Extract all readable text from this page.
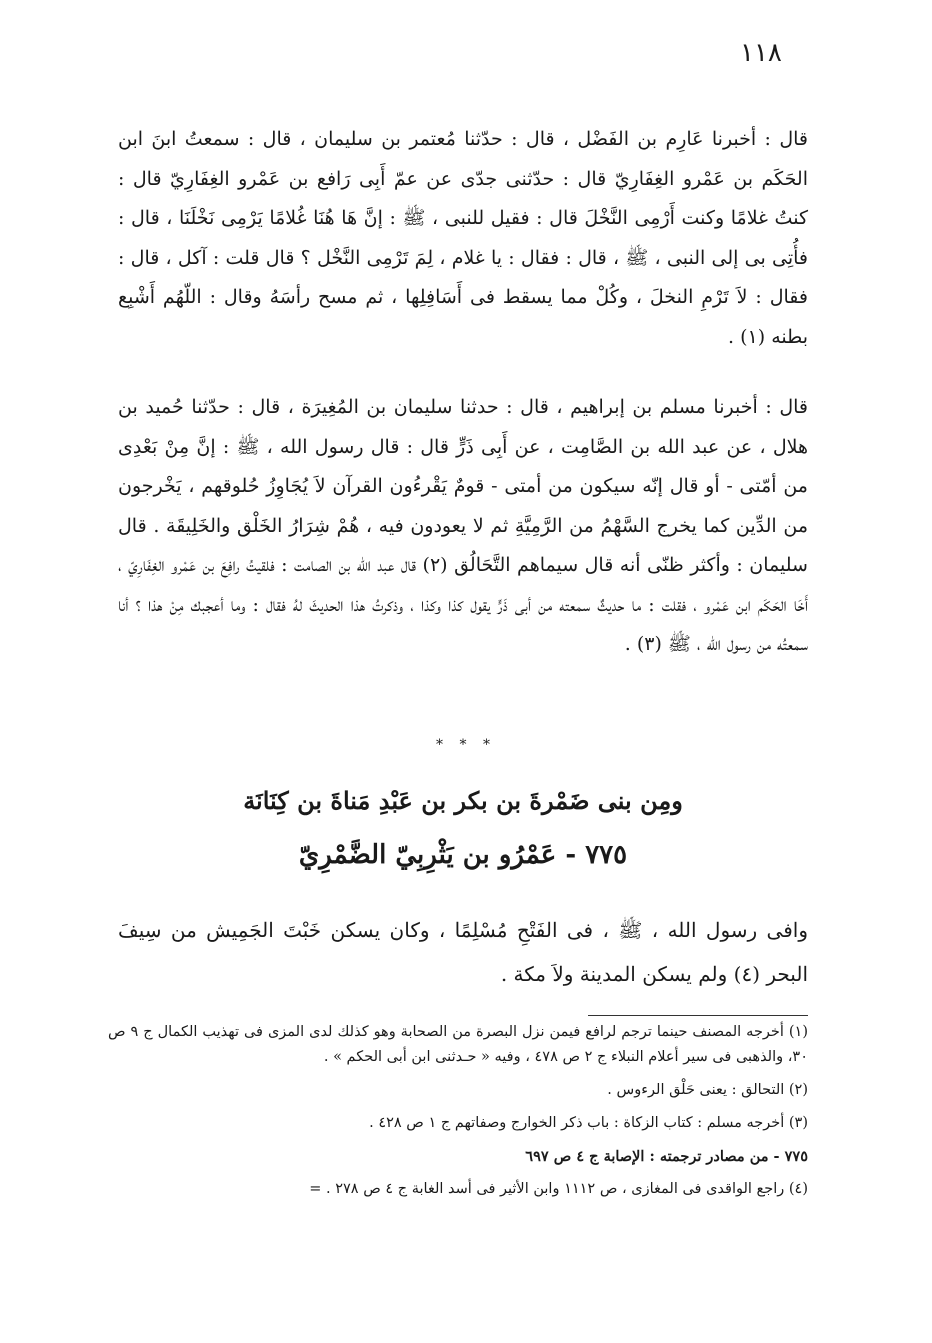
١١٨
قال : أخبرنا عَارِم بن الفَضْل ، قال : حدّثنا مُعتمر بن سليمان ، قال : سمعتُ ابنَ ابن الحَكَم بن عَمْرو الغِفَارِيّ قال : حدّثنى جدّى عن عمّ أَبِى رَافع بن عَمْرو الغِفَارِيّ قال : كنتُ غلامًا وكنت أَرْمِى النَّخْلَ قال : فقيل للنبى ، ﷺ : إنَّ هَا هُنَا غُلامًا يَرْمِى نَخْلَنَا ، قال : فأُتِى بى إلى النبى ، ﷺ ، قال : فقال : يا غلام ، لِمَ تَرْمِى النَّخْل ؟ قال قلت : آكل ، قال : فقال : لاَ تَرْمِ النخلَ ، وكُلْ مما يسقط فى أَسَافِلِها ، ثم مسح رأسَهُ وقال : اللّهُم أَشْبِع بطنه (١) .
قال : أخبرنا مسلم بن إبراهيم ، قال : حدثنا سليمان بن المُغِيرَة ، قال : حدّثنا حُميد بن هلال ، عن عبد الله بن الصَّامِت ، عن أَبِى ذَرٍّ قال : قال رسول الله ، ﷺ : إنَّ مِنْ بَعْدِى من أمّتى - أو قال إنّه سيكون من أمتى - قومٌ يَقْرءُون القرآن لاَ يُجَاوِزُ حُلوقهم ، يَخْرجون من الدِّين كما يخرج السَّهْمُ من الرَّمِيَّةِ ثم لا يعودون فيه ، هُمْ شِرَارُ الخَلْق والخَلِيقَة . قال سليمان : وأكثر ظنّى أنه قال سيماهم التَّحَالُق (٢) قال عبد الله بن الصامت : فلقيتُ رافِعَ بن عَمْرو الغِفَارِيّ ، أَخَا الحَكَم ابن عَمْرو ، فقلت : ما حديثٌ سمعته من أبى ذَرٍّ يقول كذا وكذا ، وذكرتُ هذا الحديثَ لهُ فقال : وما أعجبك مِنْ هذا ؟ أنا سمعتُه من رسول الله ، ﷺ (٣) .
* * *
ومِن بنى ضَمْرةَ بن بكر بن عَبْدِ مَناةَ بن كِنَانَة
٧٧٥ - عَمْرُو بن يَثْرِبِيّ الضَّمْرِيّ
وافى رسول الله ، ﷺ ، فى الفَتْحِ مُسْلِمًا ، وكان يسكن خَبْتَ الجَمِيش من سِيفَ البحر (٤) ولم يسكن المدينة ولاَ مكة .
(١) أخرجه المصنف حينما ترجم لرافع فيمن نزل البصرة من الصحابة وهو كذلك لدى المزى فى تهذيب الكمال ج ٩ ص ٣٠، والذهبى فى سير أعلام النبلاء ج ٢ ص ٤٧٨ ، وفيه « حـدثنى ابن أبى الحكم » .
(٢) التحالق : يعنى حَلْق الرءوس .
(٣) أخرجه مسلم : كتاب الزكاة : باب ذكر الخوارج وصفاتهم ج ١ ص ٤٢٨ .
٧٧٥ - من مصادر ترجمته : الإصابة ج ٤ ص ٦٩٧
(٤) راجع الواقدى فى المغازى ، ص ١١١٢ وابن الأثير فى أسد الغابة ج ٤ ص ٢٧٨ . =
